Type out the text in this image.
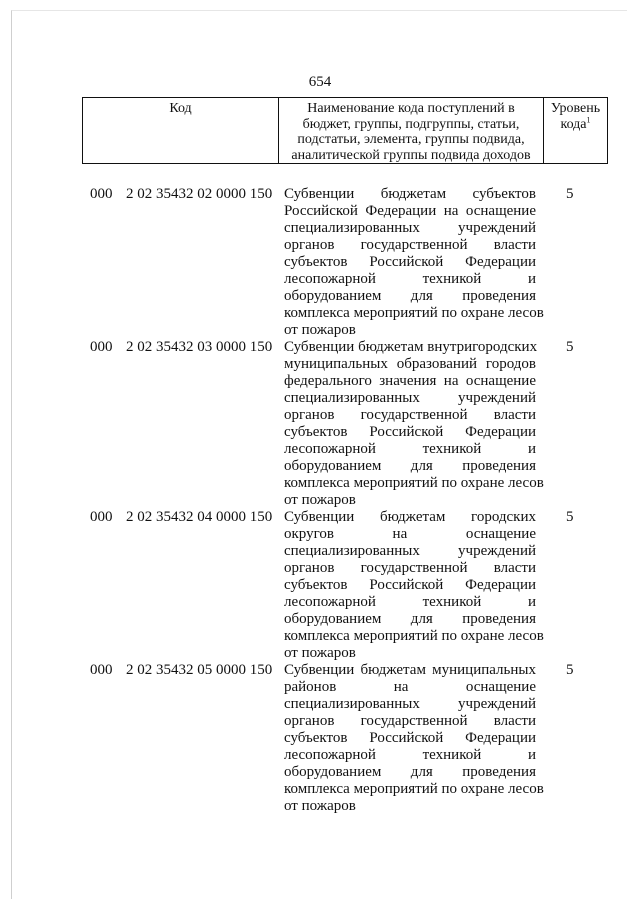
654
Код	Наименование кода поступлений в
бюджет, группы, подгруппы, статьи,
подстатьи, элемента, группы подвида,
аналитической группы подвида доходов
Уровень
кода$^1$
000 2 02 35432 02 0000 150 Субвенции бюджетам субъектов
Российской Федерации на оснащение
специализированных учреждений
органов государственной власти
субъектов Российской Федерации
лесопожарной техникой и
оборудованием для проведения
комплекса мероприятий по охране лесов
от пожаров
5
000 2 02 35432 03 0000 150 Субвенции бюджетам внутригородских
муниципальных образований городов
федерального значения на оснащение
специализированных учреждений
органов государственной власти
субъектов Российской Федерации
лесопожарной техникой и
оборудованием для проведения
комплекса мероприятий по охране лесов
от пожаров
5
000 2 02 35432 04 0000 150 Субвенции бюджетам городских
округов на оснащение
специализированных учреждений
органов государственной власти
субъектов Российской Федерации
лесопожарной техникой и
оборудованием для проведения
комплекса мероприятий по охране лесов
от пожаров
5
000 2 02 35432 05 0000 150 Субвенции бюджетам муниципальных
районов на оснащение
специализированных учреждений
органов государственной власти
субъектов Российской Федерации
лесопожарной техникой и
оборудованием для проведения
комплекса мероприятий по охране лесов
от пожаров
5
